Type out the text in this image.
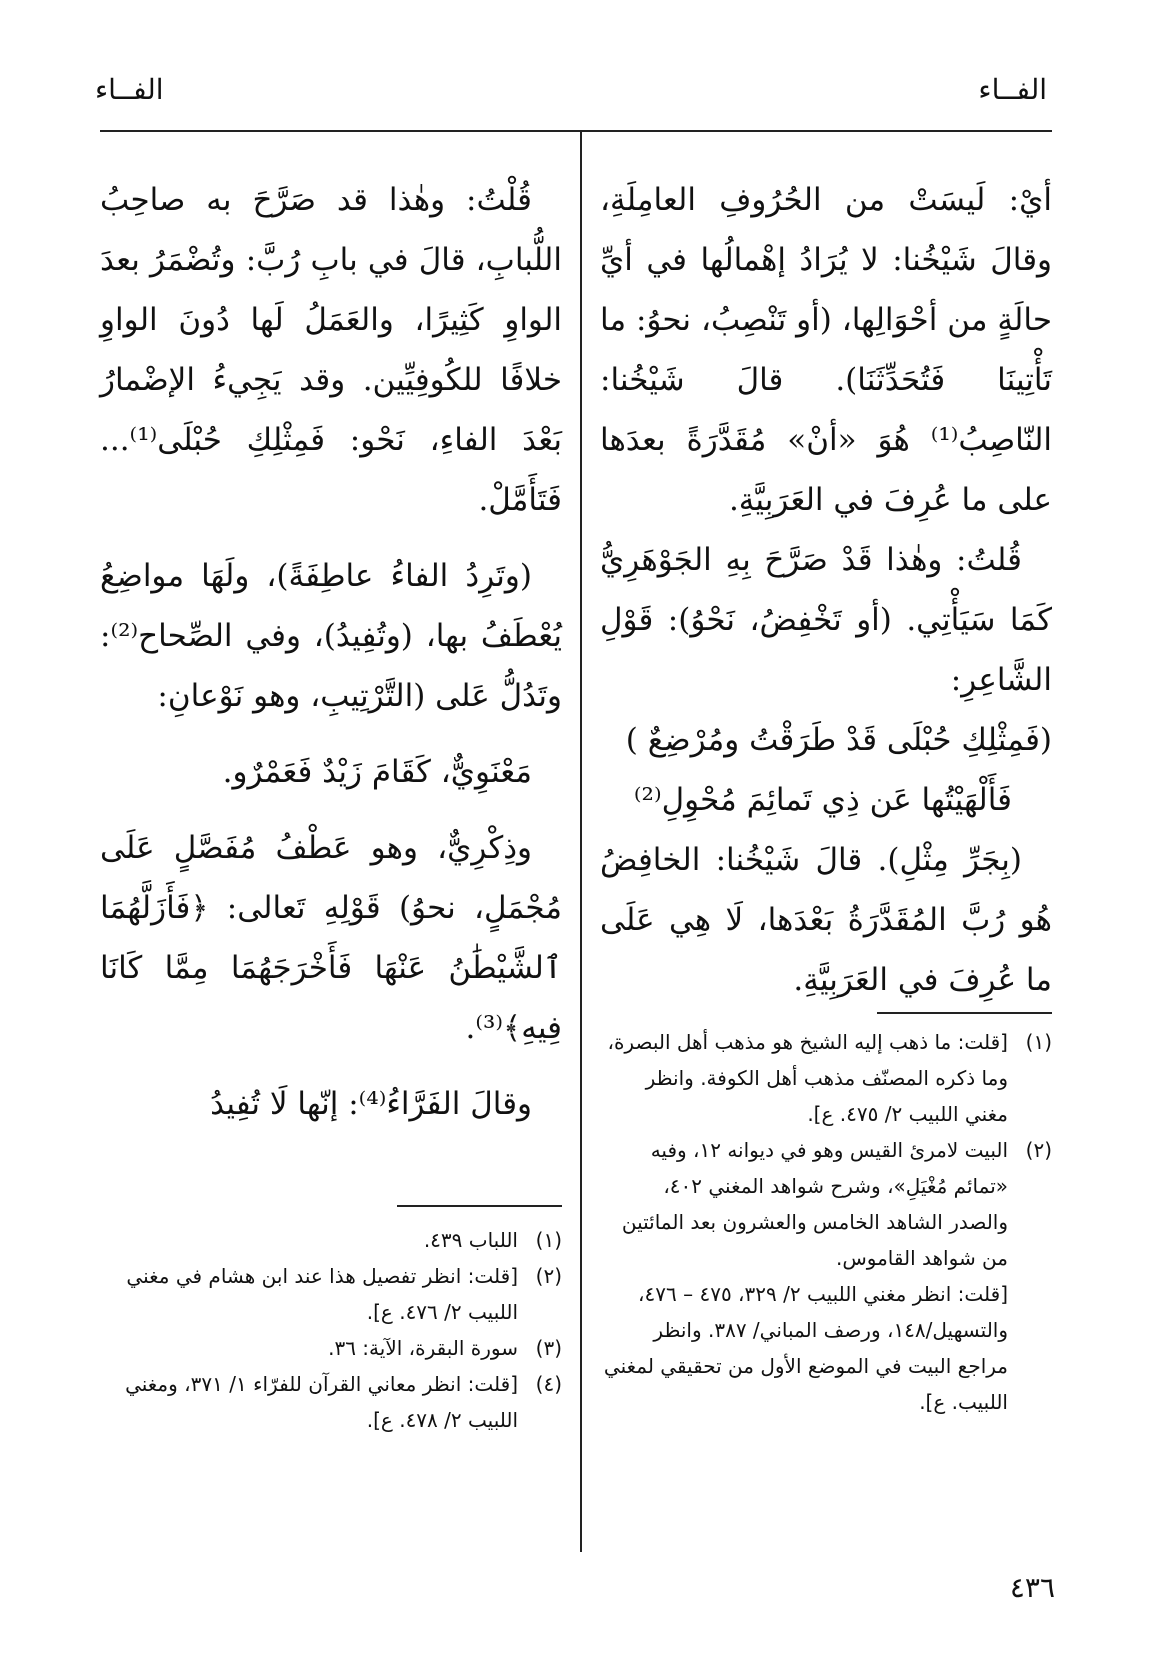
الفــاء
الفــاء

أيْ: لَيسَتْ من الحُرُوفِ العامِلَةِ، وقالَ شَيْخُنا: لا يُرَادُ إهْمالُها في أيِّ حالَةٍ من أحْوَالِها، (أو تَنْصِبُ، نحوُ: ما تَأْتِينَا فَتُحَدِّثَنَا). قالَ شَيْخُنا: النّاصِبُ⁽¹⁾ هُوَ «أنْ» مُقَدَّرَةً بعدَها على ما عُرِفَ في العَرَبِيَّةِ.

قُلتُ: وهٰذا قَدْ صَرَّحَ بِهِ الجَوْهَرِيُّ كَمَا سَيَأْتِي. (أو تَخْفِضُ، نَحْوُ): قَوْلِ الشَّاعِرِ:

(فَمِثْلِكِ حُبْلَى قَدْ طَرَقْتُ ومُرْضِعٌ )

فَأَلْهَيْتُها عَن ذِي تَمائِمَ مُحْوِلِ⁽²⁾

(بِجَرِّ مِثْلِ). قالَ شَيْخُنا: الخافِضُ هُو رُبَّ المُقَدَّرَةُ بَعْدَها، لَا هِي عَلَى ما عُرِفَ في العَرَبِيَّةِ.

(١)
[قلت: ما ذهب إليه الشيخ هو مذهب أهل البصرة، وما ذكره المصنّف مذهب أهل الكوفة. وانظر مغني اللبيب ٢/ ٤٧٥. ع].
(٢)
البيت لامرئ القيس وهو في ديوانه ١٢، وفيه «تمائم مُغْيَلِ»، وشرح شواهد المغني ٤٠٢، والصدر الشاهد الخامس والعشرون بعد المائتين من شواهد القاموس.
[قلت: انظر مغني اللبيب ٢/ ٣٢٩، ٤٧٥ – ٤٧٦، والتسهيل/١٤٨، ورصف المباني/ ٣٨٧. وانظر مراجع البيت في الموضع الأول من تحقيقي لمغني اللبيب. ع].

قُلْتُ: وهٰذا قد صَرَّحَ به صاحِبُ اللُّبابِ، قالَ في بابِ رُبَّ: وتُضْمَرُ بعدَ الواوِ كَثِيرًا، والعَمَلُ لَها دُونَ الواوِ خلافًا للكُوفِيِّين. وقد يَجِيءُ الإضْمارُ بَعْدَ الفاءِ، نَحْو: فَمِثْلِكِ حُبْلَى⁽¹⁾... فَتَأَمَّلْ.

(وتَرِدُ الفاءُ عاطِفَةً)، ولَهَا مواضِعُ يُعْطَفُ بها، (وتُفِيدُ)، وفي الصِّحاح⁽²⁾: وتَدُلُّ عَلى (التَّرْتِيبِ، وهو نَوْعانِ:

مَعْنَوِيٌّ، كَقَامَ زَيْدٌ فَعَمْرٌو.

وذِكْرِيٌّ، وهو عَطْفُ مُفَصَّلٍ عَلَى مُجْمَلٍ، نحوُ) قَوْلِهِ تَعالى: ﴿فَأَزَلَّهُمَا ٱلشَّيْطَٰنُ عَنْهَا فَأَخْرَجَهُمَا مِمَّا كَانَا فِيهِ﴾⁽³⁾.

وقالَ الفَرَّاءُ⁽⁴⁾: إنّها لَا تُفِيدُ

(١)
اللباب ٤٣٩.
(٢)
[قلت: انظر تفصيل هذا عند ابن هشام في مغني اللبيب ٢/ ٤٧٦. ع].
(٣)
سورة البقرة، الآية: ٣٦.
(٤)
[قلت: انظر معاني القرآن للفرّاء ١/ ٣٧١، ومغني اللبيب ٢/ ٤٧٨. ع].
٤٣٦
